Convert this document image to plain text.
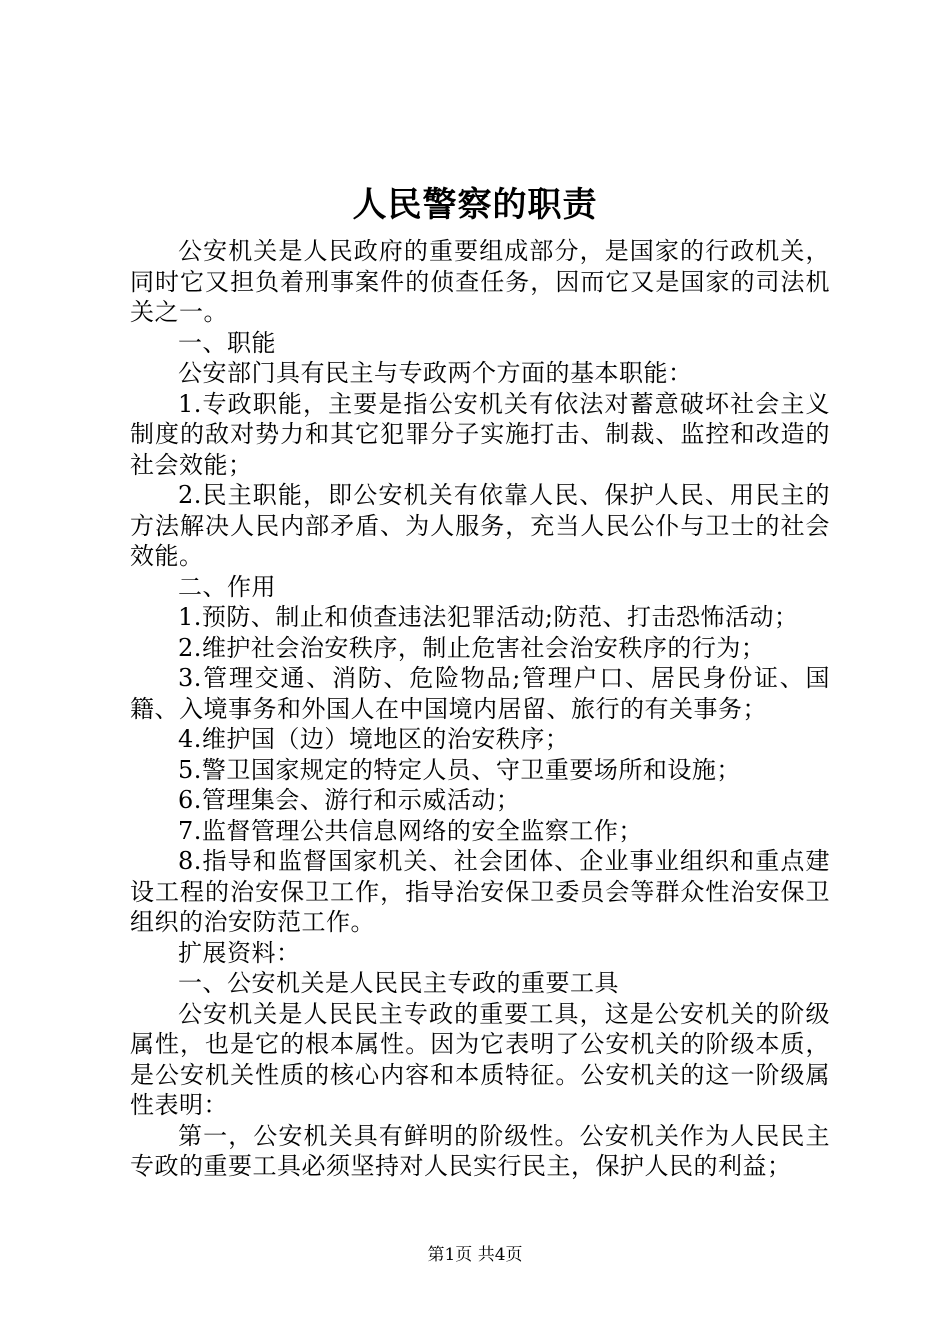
人民警察的职责

公安机关是人民政府的重要组成部分，是国家的行政机关，同时它又担负着刑事案件的侦查任务，因而它又是国家的司法机关之一。

一、职能

公安部门具有民主与专政两个方面的基本职能：

1.专政职能，主要是指公安机关有依法对蓄意破坏社会主义制度的敌对势力和其它犯罪分子实施打击、制裁、监控和改造的社会效能；

2.民主职能，即公安机关有依靠人民、保护人民、用民主的方法解决人民内部矛盾、为人服务，充当人民公仆与卫士的社会效能。

二、作用

1.预防、制止和侦查违法犯罪活动;防范、打击恐怖活动；

2.维护社会治安秩序，制止危害社会治安秩序的行为；

3.管理交通、消防、危险物品;管理户口、居民身份证、国籍、入境事务和外国人在中国境内居留、旅行的有关事务；

4.维护国（边）境地区的治安秩序；

5.警卫国家规定的特定人员、守卫重要场所和设施；

6.管理集会、游行和示威活动；

7.监督管理公共信息网络的安全监察工作；

8.指导和监督国家机关、社会团体、企业事业组织和重点建设工程的治安保卫工作，指导治安保卫委员会等群众性治安保卫组织的治安防范工作。

扩展资料：

一、公安机关是人民民主专政的重要工具

公安机关是人民民主专政的重要工具，这是公安机关的阶级属性，也是它的根本属性。因为它表明了公安机关的阶级本质，是公安机关性质的核心内容和本质特征。公安机关的这一阶级属性表明：

第一，公安机关具有鲜明的阶级性。公安机关作为人民民主专政的重要工具必须坚持对人民实行民主，保护人民的利益；

第1页 共4页
